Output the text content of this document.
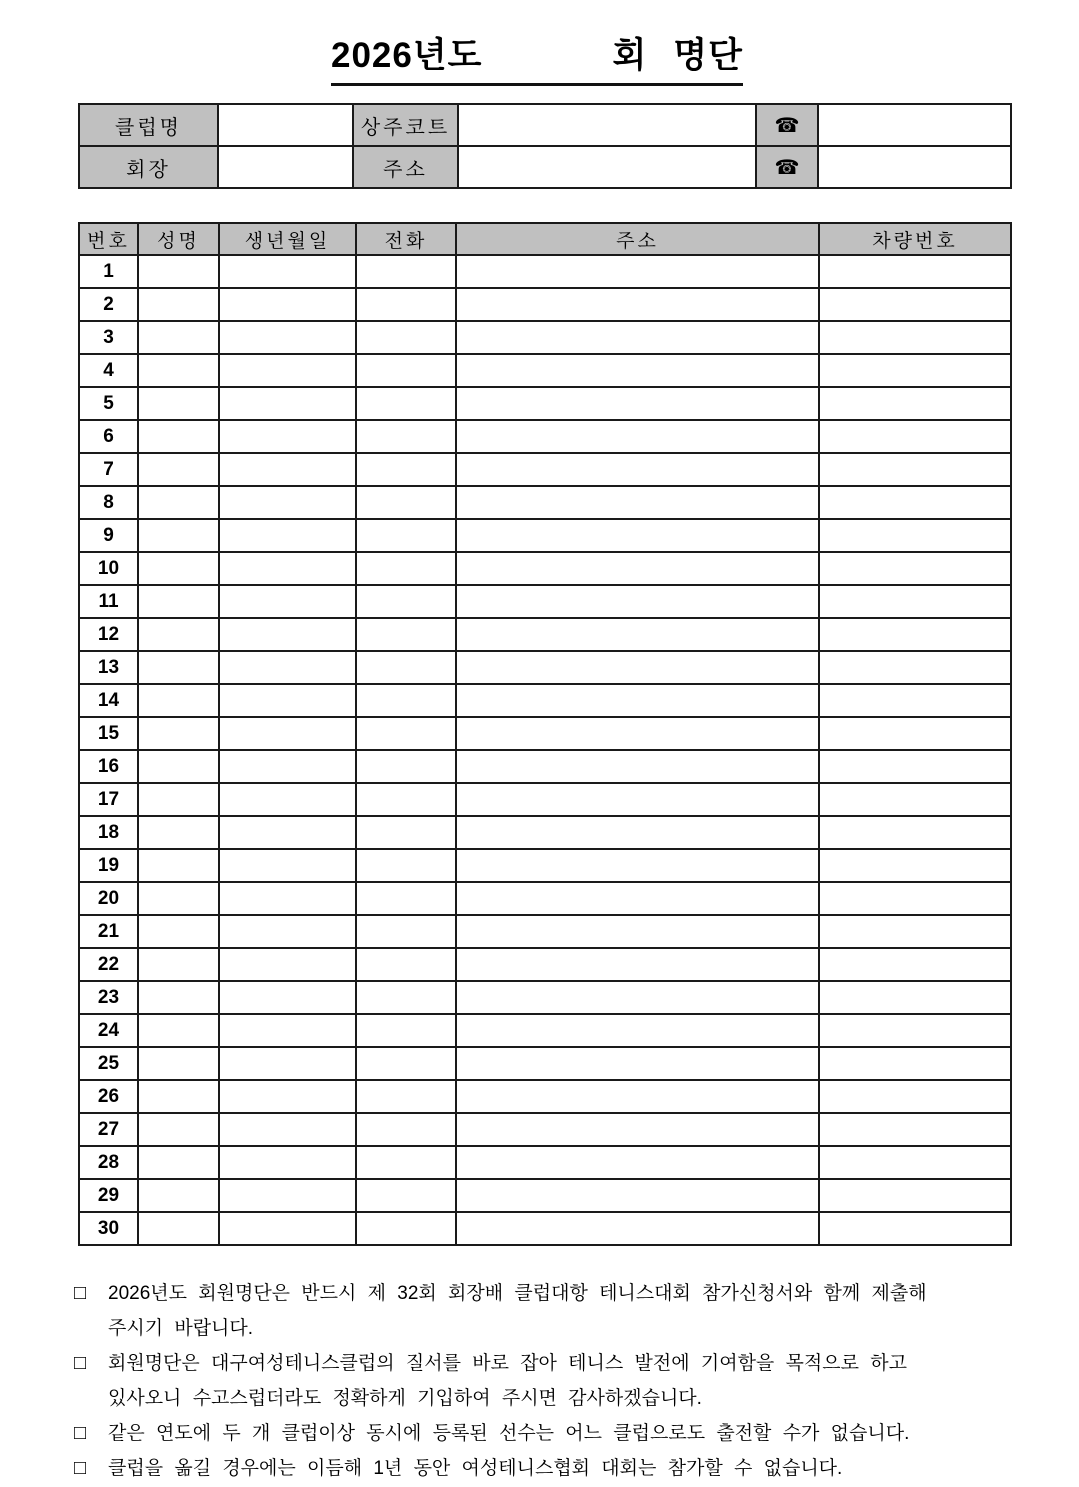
2026년도	회 명단
클럽명		상주코트		☎	
회장		주소		☎	
번호	성명	생년월일	전화	주소	차량번호
1					
2					
3					
4					
5					
6					
7					
8					
9					
10					
11					
12					
13					
14					
15					
16					
17					
18					
19					
20					
21					
22					
23					
24					
25					
26					
27					
28					
29					
30					
□	2026년도 회원명단은 반드시 제 32회 회장배 클럽대항 테니스대회 참가신청서와 함께 제출해
주시기 바랍니다.
□	회원명단은 대구여성테니스클럽의 질서를 바로 잡아 테니스 발전에 기여함을 목적으로 하고
있사오니 수고스럽더라도 정확하게 기입하여 주시면 감사하겠습니다.
□	같은 연도에 두 개 클럽이상 동시에 등록된 선수는 어느 클럽으로도 출전할 수가 없습니다.
□	클럽을 옮길 경우에는 이듬해 1년 동안 여성테니스협회 대회는 참가할 수 없습니다.
